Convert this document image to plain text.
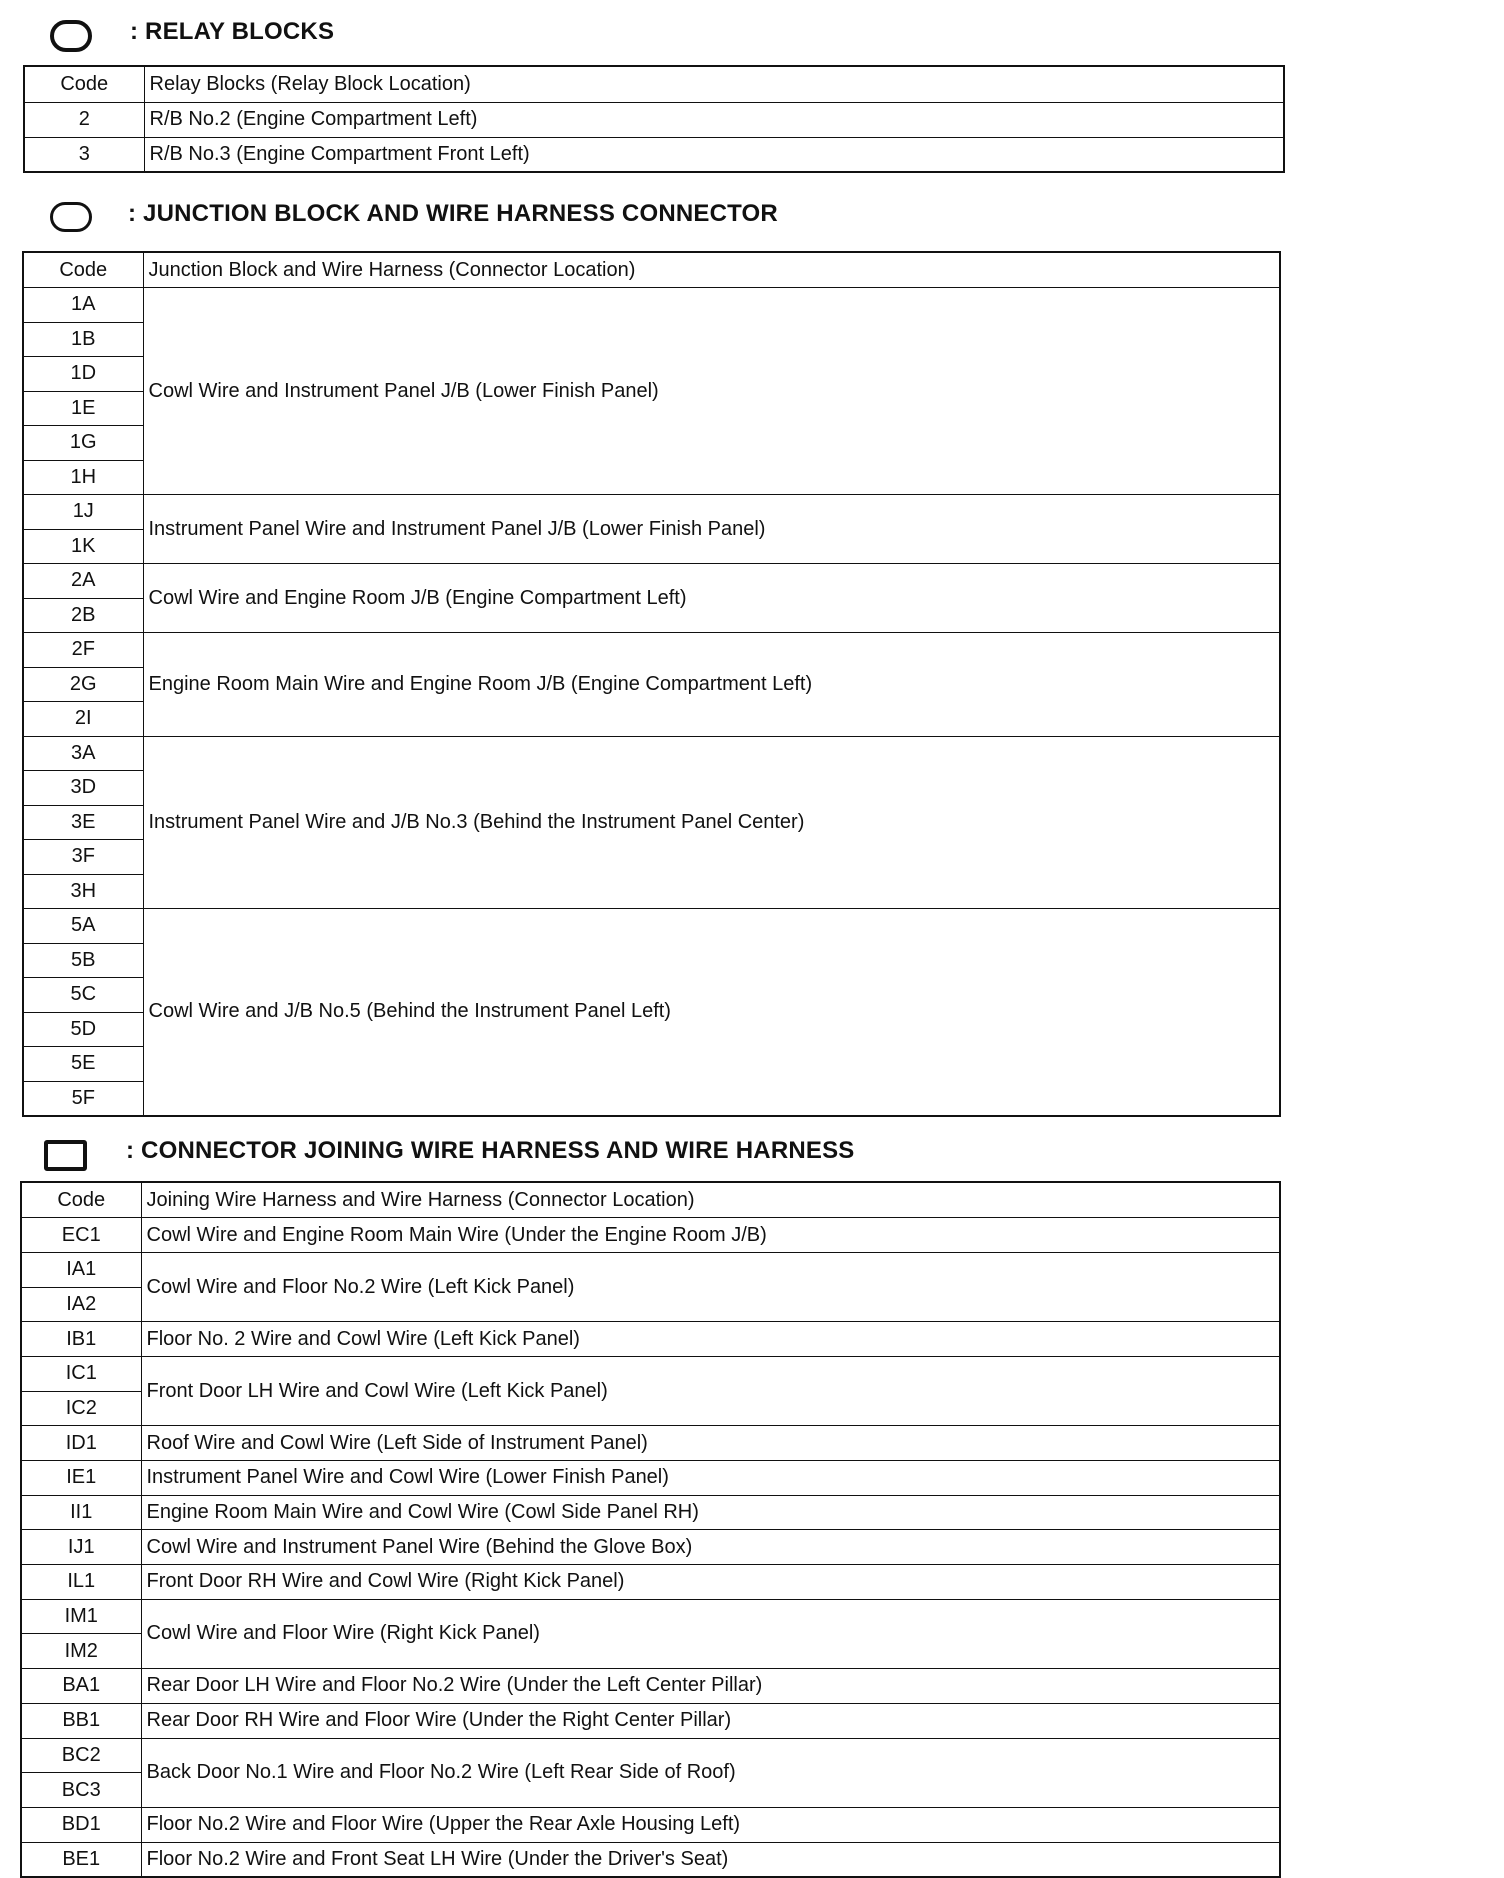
: RELAY BLOCKS
Code	Relay Blocks (Relay Block Location)
2	R/B No.2 (Engine Compartment Left)
3	R/B No.3 (Engine Compartment Front Left)
: JUNCTION BLOCK AND WIRE HARNESS CONNECTOR
Code	Junction Block and Wire Harness (Connector Location)
1A	Cowl Wire and Instrument Panel J/B (Lower Finish Panel)
1B	
1D	
1E	
1G	
1H	
1J	Instrument Panel Wire and Instrument Panel J/B (Lower Finish Panel)
1K	
2A	Cowl Wire and Engine Room J/B (Engine Compartment Left)
2B	
2F	Engine Room Main Wire and Engine Room J/B (Engine Compartment Left)
2G	
2I	
3A	Instrument Panel Wire and J/B No.3 (Behind the Instrument Panel Center)
3D	
3E	
3F	
3H	
5A	Cowl Wire and J/B No.5 (Behind the Instrument Panel Left)
5B	
5C	
5D	
5E	
5F	
: CONNECTOR JOINING WIRE HARNESS AND WIRE HARNESS
Code	Joining Wire Harness and Wire Harness (Connector Location)
EC1	Cowl Wire and Engine Room Main Wire (Under the Engine Room J/B)
IA1	Cowl Wire and Floor No.2 Wire (Left Kick Panel)
IA2	
IB1	Floor No. 2 Wire and Cowl Wire (Left Kick Panel)
IC1	Front Door LH Wire and Cowl Wire (Left Kick Panel)
IC2	
ID1	Roof Wire and Cowl Wire (Left Side of Instrument Panel)
IE1	Instrument Panel Wire and Cowl Wire (Lower Finish Panel)
II1	Engine Room Main Wire and Cowl Wire (Cowl Side Panel RH)
IJ1	Cowl Wire and Instrument Panel Wire (Behind the Glove Box)
IL1	Front Door RH Wire and Cowl Wire (Right Kick Panel)
IM1	Cowl Wire and Floor Wire (Right Kick Panel)
IM2	
BA1	Rear Door LH Wire and Floor No.2 Wire (Under the Left Center Pillar)
BB1	Rear Door RH Wire and Floor Wire (Under the Right Center Pillar)
BC2	Back Door No.1 Wire and Floor No.2 Wire (Left Rear Side of Roof)
BC3	
BD1	Floor No.2 Wire and Floor Wire (Upper the Rear Axle Housing Left)
BE1	Floor No.2 Wire and Front Seat LH Wire (Under the Driver's Seat)
